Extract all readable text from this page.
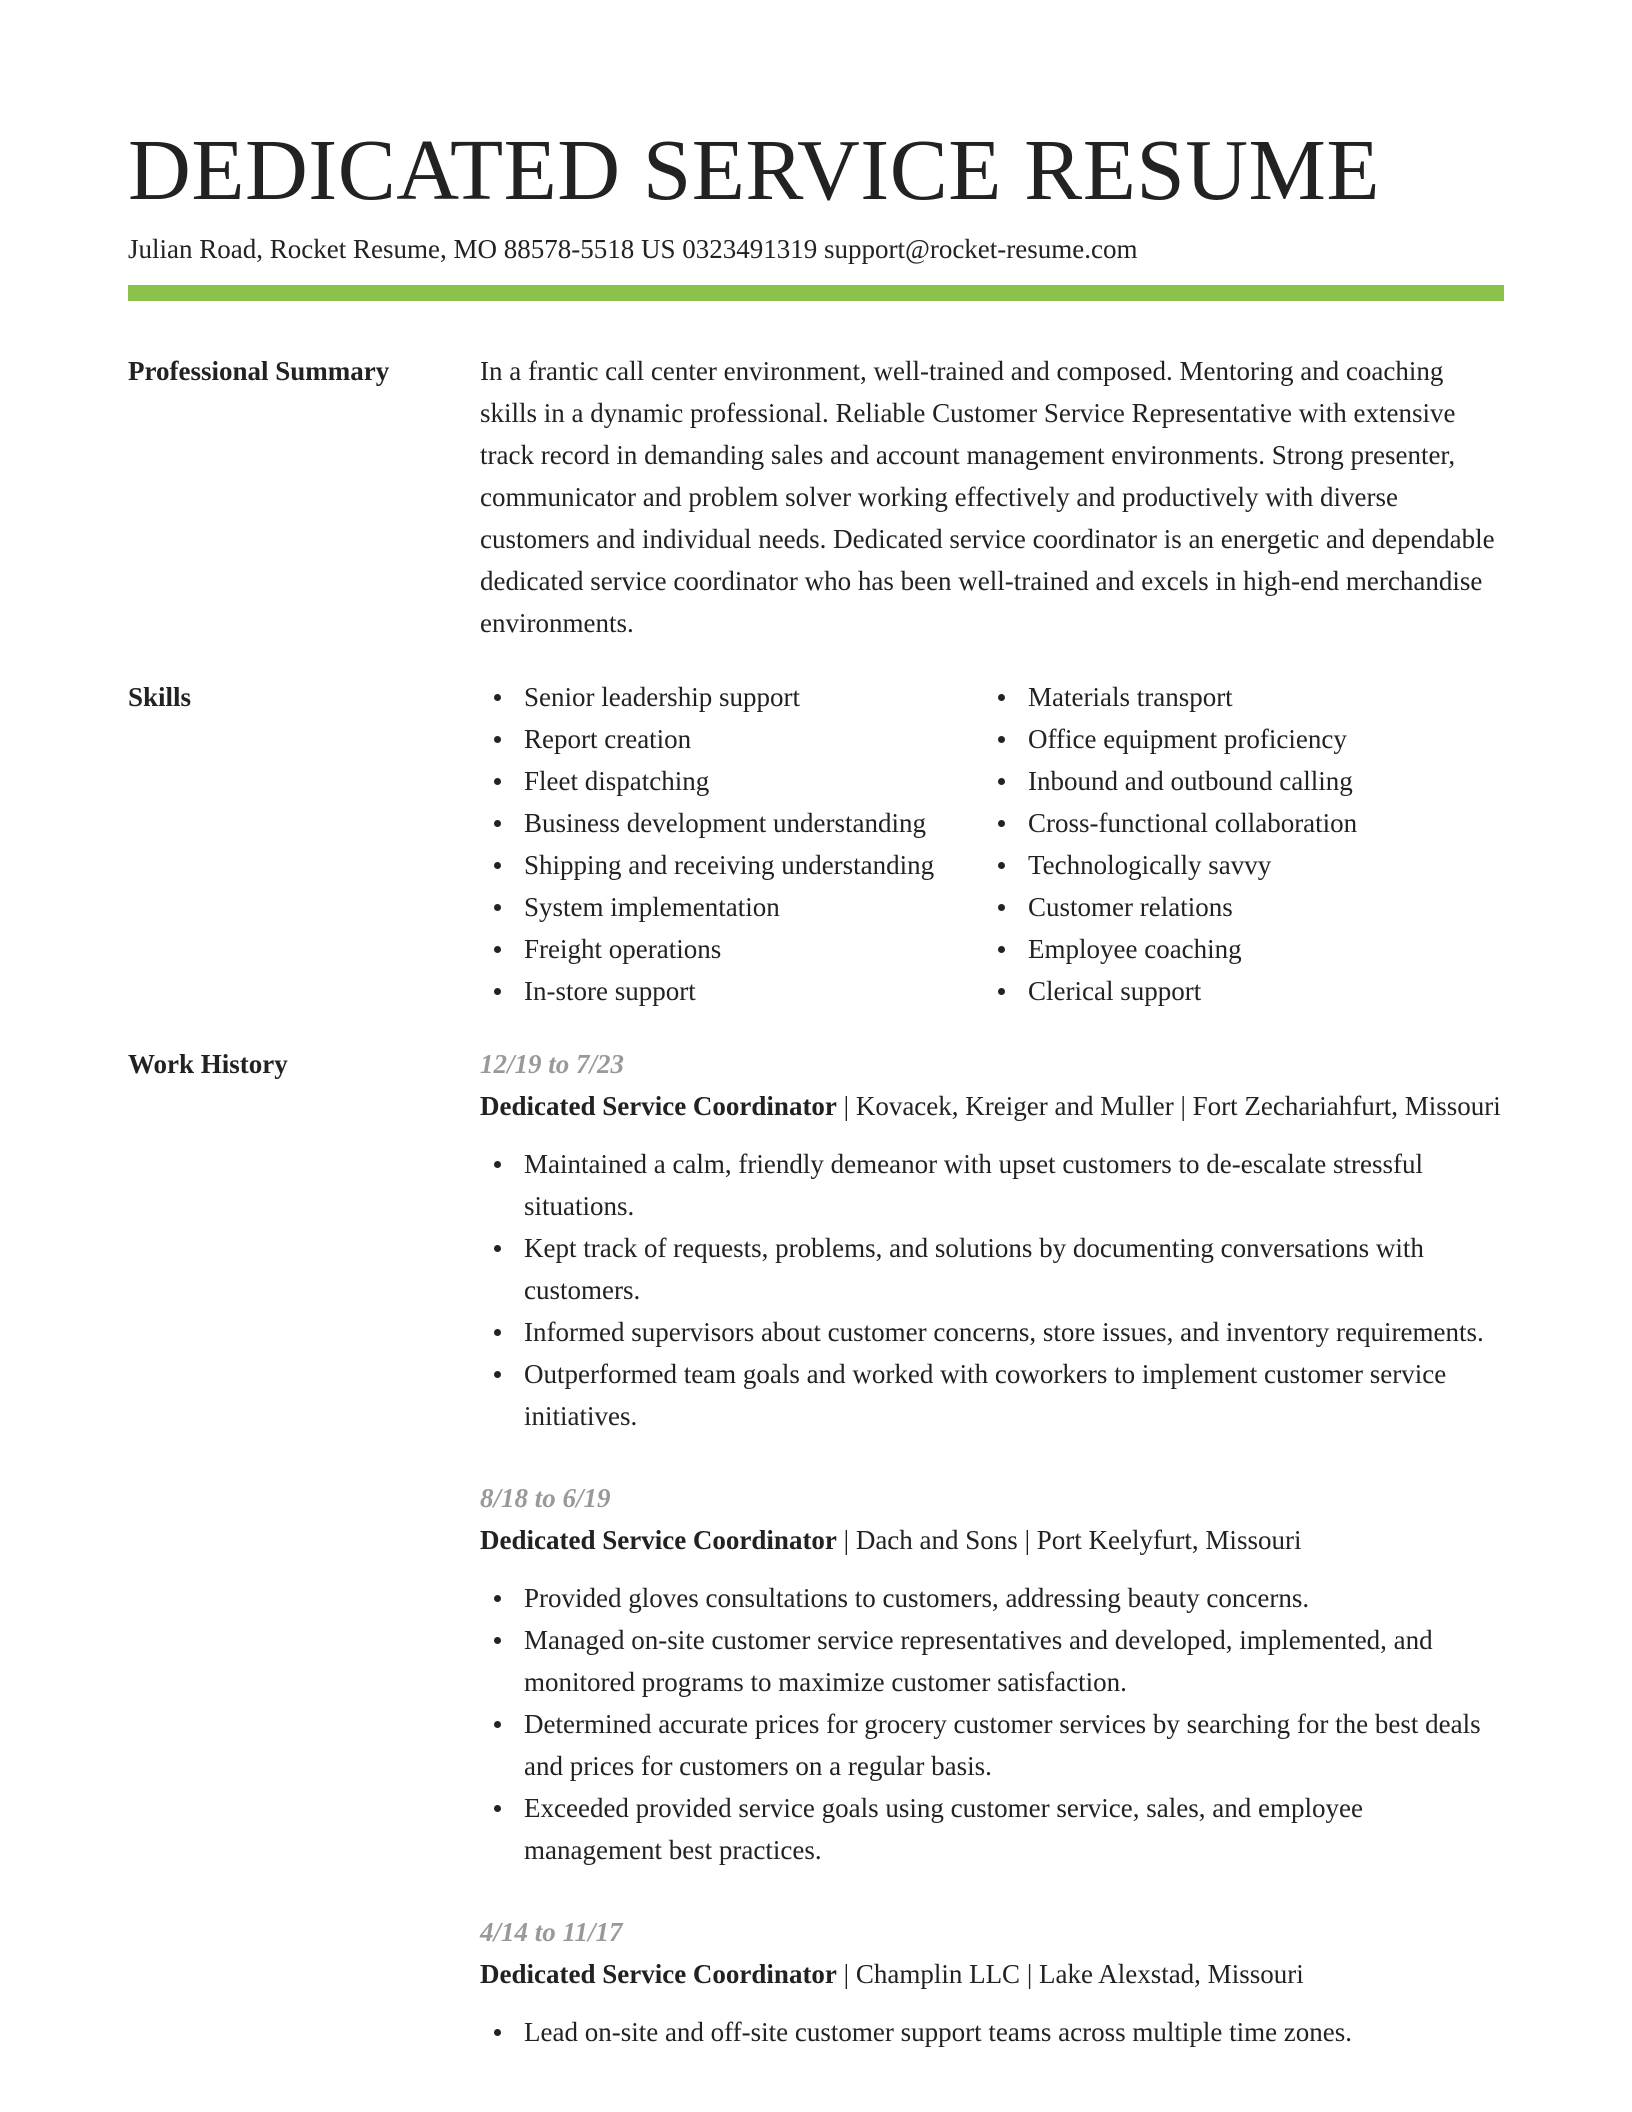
DEDICATED SERVICE RESUME
Julian Road, Rocket Resume, MO 88578-5518 US 0323491319 support@rocket-resume.com
Professional Summary	In a frantic call center environment, well-trained and composed. Mentoring and coaching skills in a dynamic professional. Reliable Customer Service Representative with extensive track record in demanding sales and account management environments. Strong presenter, communicator and problem solver working effectively and productively with diverse customers and individual needs. Dedicated service coordinator is an energetic and dependable dedicated service coordinator who has been well-trained and excels in high-end merchandise environments.

Skills	Senior leadership support
Report creation
Fleet dispatching
Business development understanding
Shipping and receiving understanding
System implementation
Freight operations
In-store support
Materials transport
Office equipment proficiency
Inbound and outbound calling
Cross-functional collaboration
Technologically savvy
Customer relations
Employee coaching
Clerical support
Work History	12/19 to 7/23
Dedicated Service Coordinator | Kovacek, Kreiger and Muller | Fort Zechariahfurt, Missouri
Maintained a calm, friendly demeanor with upset customers to de-escalate stressful situations.
Kept track of requests, problems, and solutions by documenting conversations with customers.
Informed supervisors about customer concerns, store issues, and inventory requirements.
Outperformed team goals and worked with coworkers to implement customer service initiatives.
8/18 to 6/19
Dedicated Service Coordinator | Dach and Sons | Port Keelyfurt, Missouri
Provided gloves consultations to customers, addressing beauty concerns.
Managed on-site customer service representatives and developed, implemented, and monitored programs to maximize customer satisfaction.
Determined accurate prices for grocery customer services by searching for the best deals and prices for customers on a regular basis.
Exceeded provided service goals using customer service, sales, and employee management best practices.
4/14 to 11/17
Dedicated Service Coordinator | Champlin LLC | Lake Alexstad, Missouri
Lead on-site and off-site customer support teams across multiple time zones.
